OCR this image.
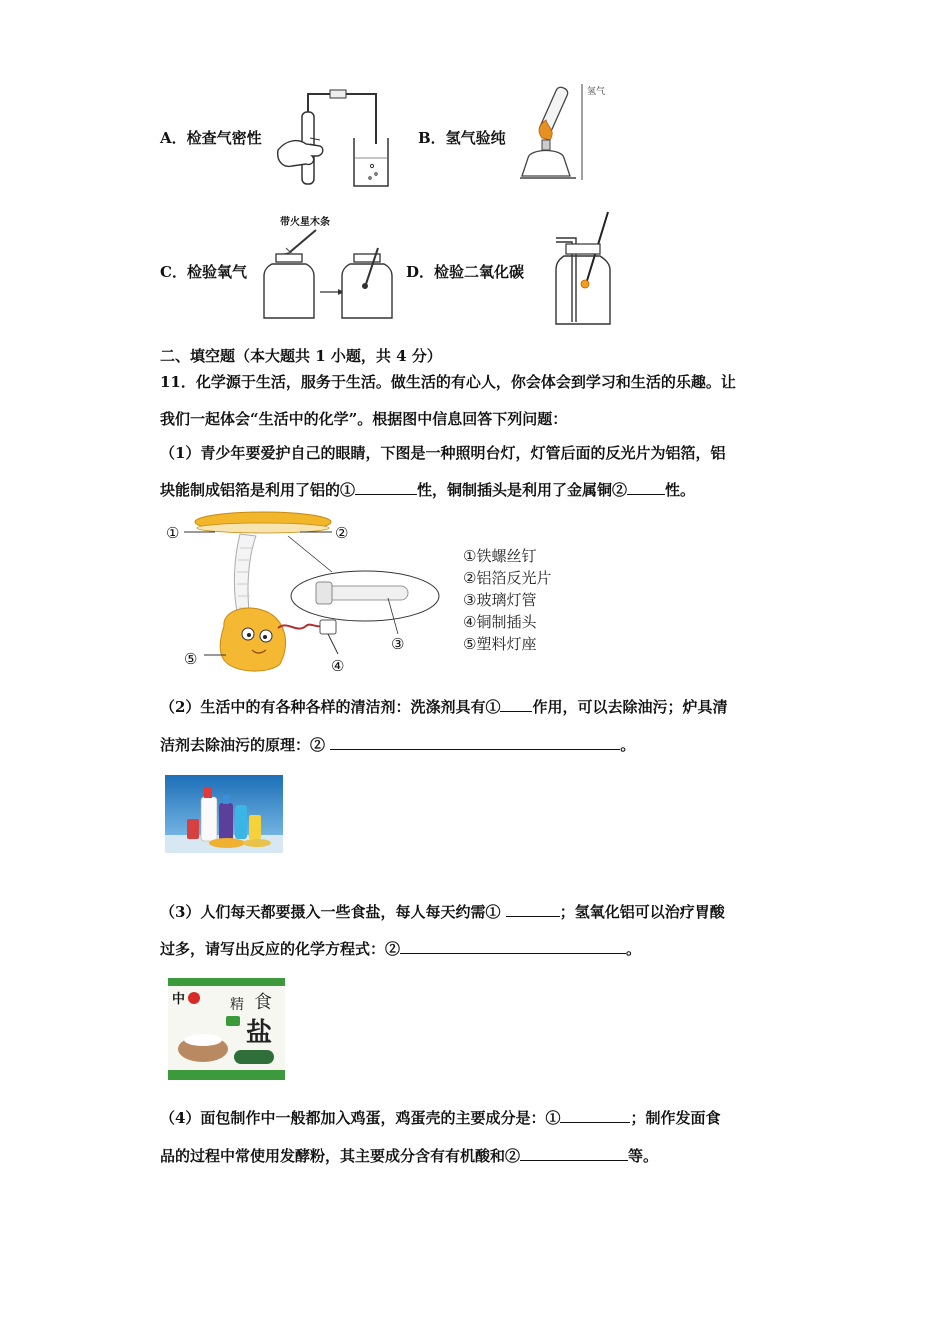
A．检查气密性	B．氢气验纯
氢气
C．检验氧气
带火星木条
D．检验二氧化碳
二、填空题（本大题共 1 小题，共 4 分）
11．化学源于生活，服务于生活。做生活的有心人，你会体会到学习和生活的乐趣。让
我们一起体会“生活中的化学”。根据图中信息回答下列问题：
（1）青少年要爱护自己的眼睛，下图是一种照明台灯，灯管后面的反光片为铝箔，铝
块能制成铝箔是利用了铝的①	性，铜制插头是利用了金属铜②	性。
①	②
③
④
⑤
①铁螺丝钉
②铝箔反光片
③玻璃灯管
④铜制插头
⑤塑料灯座
（2）生活中的有各种各样的清洁剂：洗涤剂具有① 作用，可以去除油污；炉具清
洁剂去除油污的原理：②	。
（3）人们每天都要摄入一些食盐，每人每天约需①	；氢氧化铝可以治疗胃酸
过多，请写出反应的化学方程式：②	。
中	精 食
盐
（4）面包制作中一般都加入鸡蛋，鸡蛋壳的主要成分是：①	；制作发面食
品的过程中常使用发酵粉，其主要成分含有有机酸和②	等。
